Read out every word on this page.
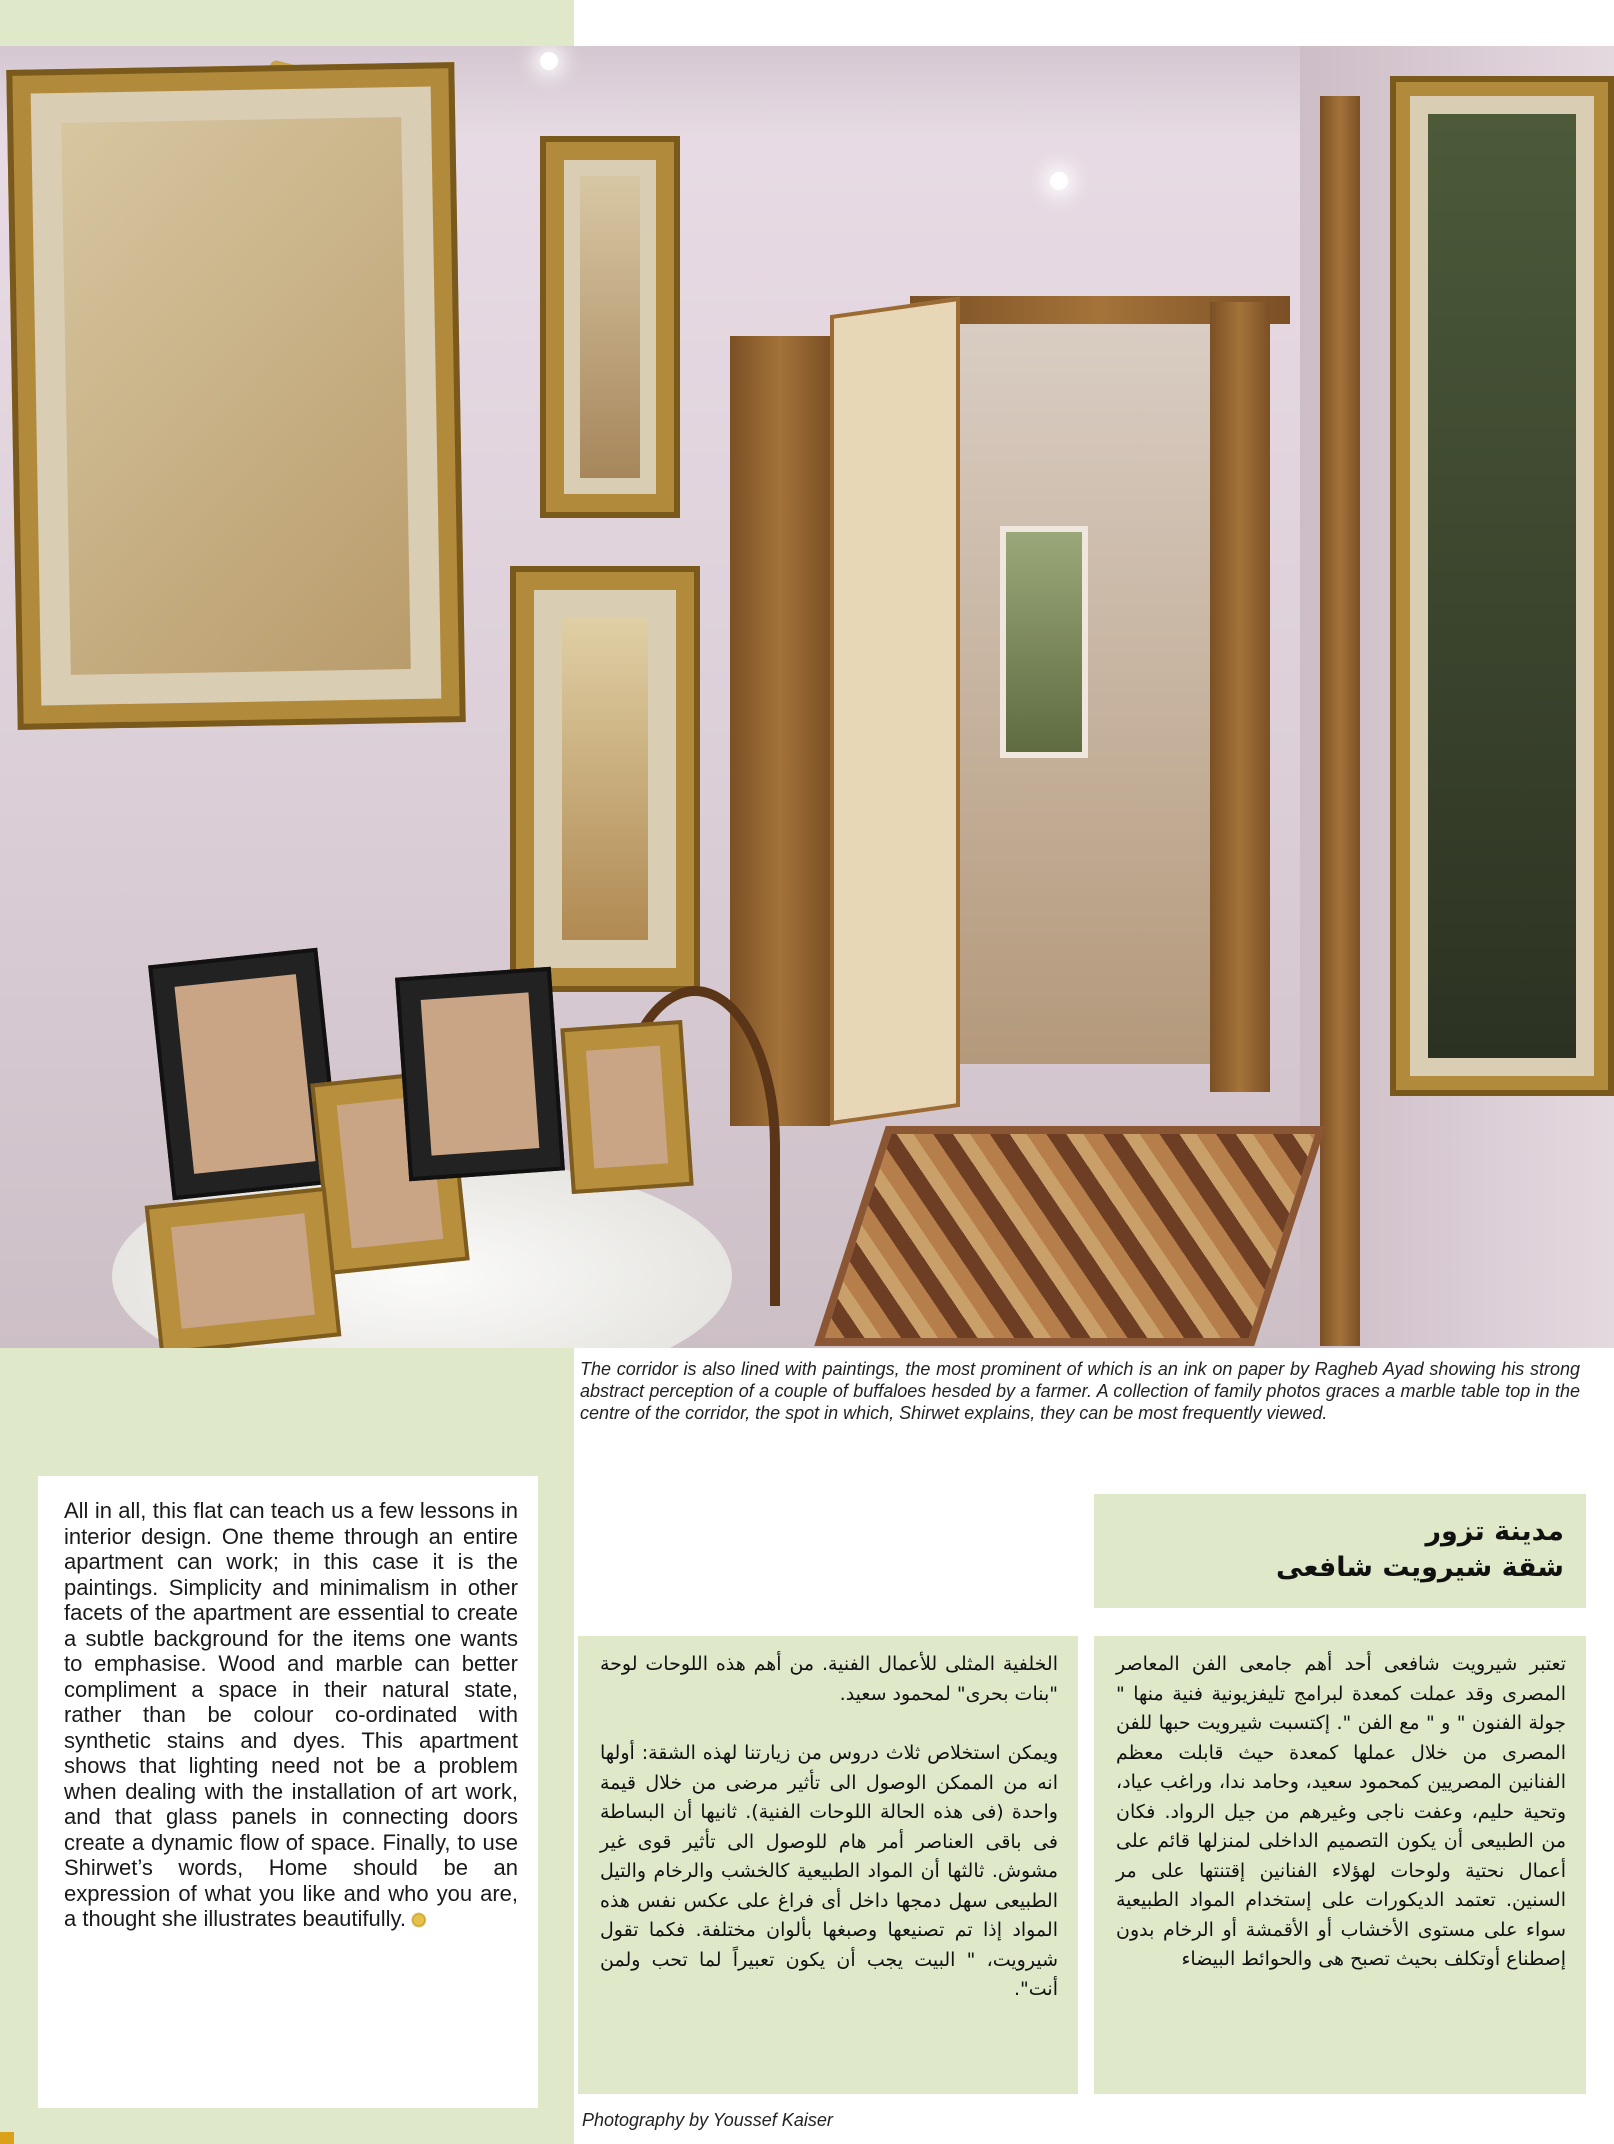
The corridor is also lined with paintings, the most prominent of which is an ink on paper by Ragheb Ayad showing his strong abstract perception of a couple of buffaloes hesded by a farmer. A collection of family photos graces a marble table top in the centre of the corridor, the spot in which, Shirwet explains, they can be most frequently viewed.
All in all, this flat can teach us a few lessons in interior design. One theme through an entire apartment can work; in this case it is the paintings. Simplicity and minimalism in other facets of the apartment are essential to create a subtle background for the items one wants to emphasise. Wood and marble can better compliment a space in their natural state, rather than be colour co-ordinated with synthetic stains and dyes. This apartment shows that lighting need not be a problem when dealing with the installation of art work, and that glass panels in connecting doors create a dynamic flow of space. Finally, to use Shirwet’s words, Home should be an expression of what you like and who you are, a thought she illustrates beautifully.
مدينة تزور
شقة شيرويت شافعى

تعتبر شيرويت شافعى أحد أهم جامعى الفن المعاصر المصرى وقد عملت كمعدة لبرامج تليفزيونية فنية منها " جولة الفنون " و " مع الفن ". إكتسبت شيرويت حبها للفن المصرى من خلال عملها كمعدة حيث قابلت معظم الفنانين المصريين كمحمود سعيد، وحامد ندا، وراغب عياد، وتحية حليم، وعفت ناجى وغيرهم من جيل الرواد. فكان من الطبيعى أن يكون التصميم الداخلى لمنزلها قائم على أعمال نحتية ولوحات لهؤلاء الفنانين إقتنتها على مر السنين. تعتمد الديكورات على إستخدام المواد الطبيعية سواء على مستوى الأخشاب أو الأقمشة أو الرخام بدون إصطناع أوتكلف بحيث تصبح هى والحوائط البيضاء

الخلفية المثلى للأعمال الفنية. من أهم هذه اللوحات لوحة "بنات بحرى" لمحمود سعيد.

ويمكن استخلاص ثلاث دروس من زيارتنا لهذه الشقة: أولها انه من الممكن الوصول الى تأثير مرضى من خلال قيمة واحدة (فى هذه الحالة اللوحات الفنية). ثانيها أن البساطة فى باقى العناصر أمر هام للوصول الى تأثير قوى غير مشوش. ثالثها أن المواد الطبيعية كالخشب والرخام والتيل الطبيعى سهل دمجها داخل أى فراغ على عكس نفس هذه المواد إذا تم تصنيعها وصبغها بألوان مختلفة. فكما تقول شيرويت، " البيت يجب أن يكون تعبيراً لما تحب ولمن أنت".

Photography by Youssef Kaiser
